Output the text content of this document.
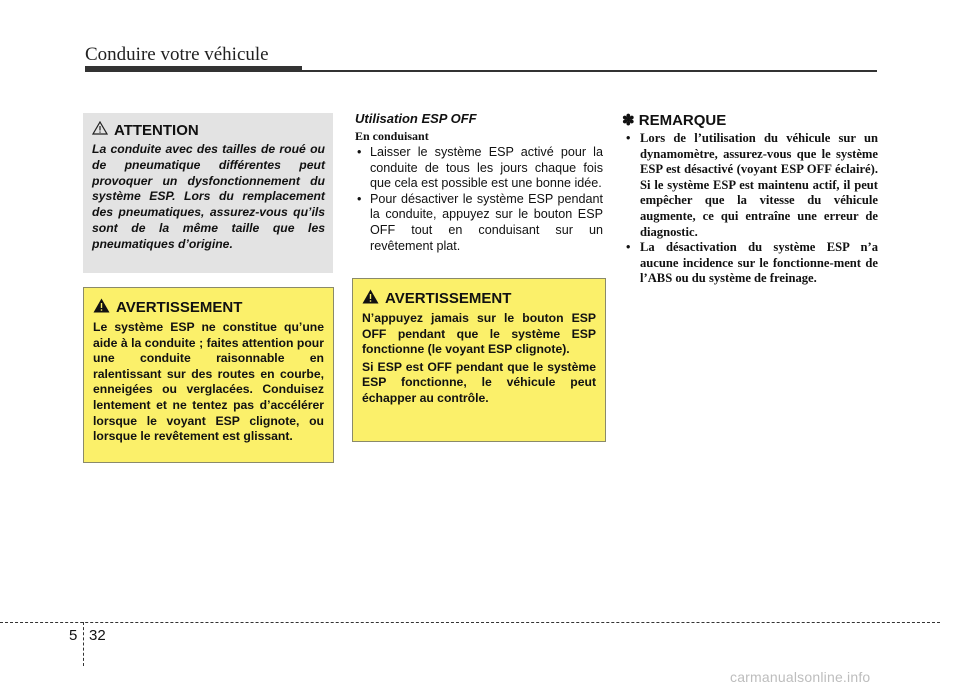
Conduire votre véhicule
ATTENTION
La conduite avec des tailles de roué ou de pneumatique différentes peut provoquer un dysfonctionnement du système ESP. Lors du remplacement des pneumatiques, assurez-vous qu’ils sont de la même taille que les pneumatiques d’origine.
AVERTISSEMENT
Le système ESP ne constitue qu’une aide à la conduite ; faites attention pour une conduite raisonnable en ralentissant sur des routes en courbe, enneigées ou verglacées. Conduisez lentement et ne tentez pas d’accélérer lorsque le voyant ESP clignote, ou lorsque le revêtement est glissant.
Utilisation ESP OFF
En conduisant
• Laisser le système ESP activé pour la conduite de tous les jours chaque fois que cela est possible est une bonne idée.
• Pour désactiver le système ESP pendant la conduite, appuyez sur le bouton ESP OFF tout en conduisant sur un revêtement plat.
AVERTISSEMENT
N’appuyez jamais sur le bouton ESP OFF pendant que le système ESP fonctionne (le voyant ESP clignote).
Si ESP est OFF pendant que le système ESP fonctionne, le véhicule peut échapper au contrôle.
✽ REMARQUE
• Lors de l’utilisation du véhicule sur un dynamomètre, assurez-vous que le système ESP est désactivé (voyant ESP OFF éclairé). Si le système ESP est maintenu actif, il peut empêcher que la vitesse du véhicule augmente, ce qui entraîne une erreur de diagnostic.
• La désactivation du système ESP n’a aucune incidence sur le fonctionne-ment de l’ABS ou du système de freinage.
5 32
carmanualsonline.info
